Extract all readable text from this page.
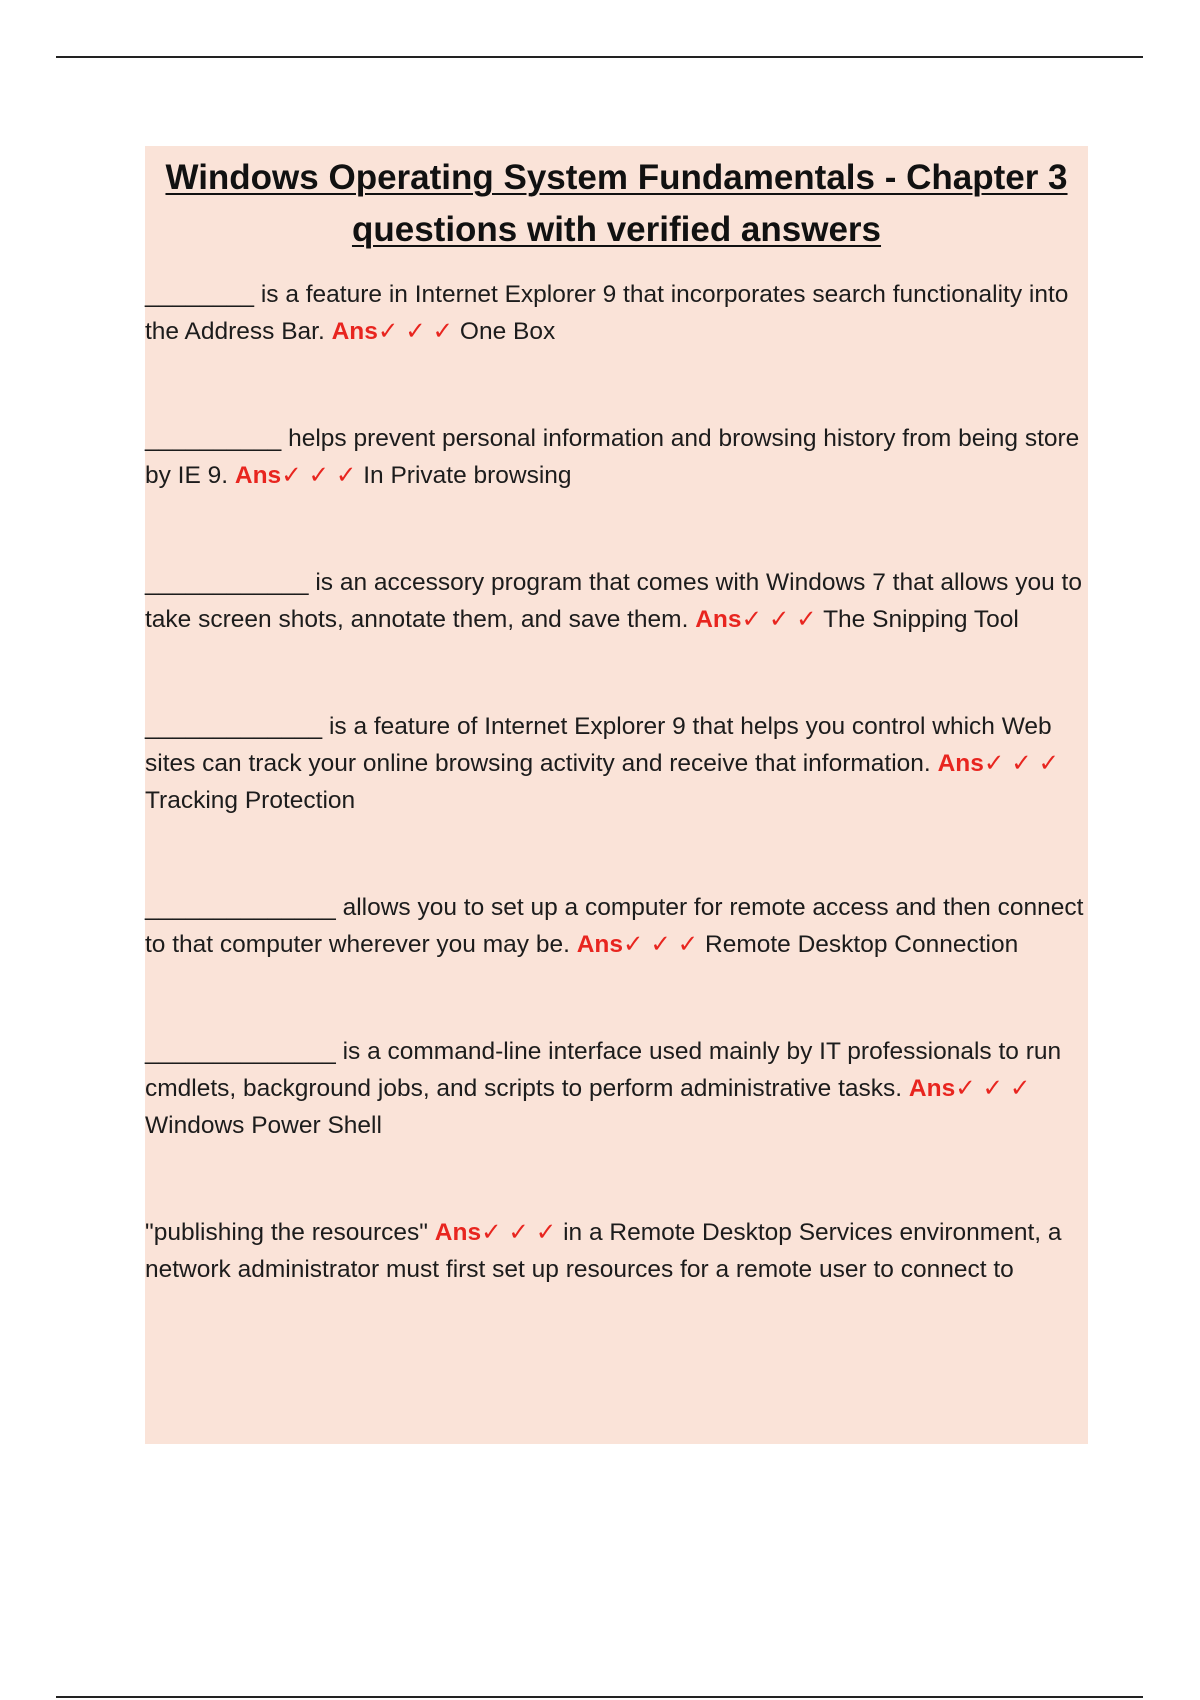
Windows Operating System Fundamentals - Chapter 3 questions with verified answers
________ is a feature in Internet Explorer 9 that incorporates search functionality into the Address Bar. Ans✓ ✓ ✓ One Box
__________ helps prevent personal information and browsing history from being store by IE 9. Ans✓ ✓ ✓ In Private browsing
____________ is an accessory program that comes with Windows 7 that allows you to take screen shots, annotate them, and save them. Ans✓ ✓ ✓ The Snipping Tool
_____________ is a feature of Internet Explorer 9 that helps you control which Web sites can track your online browsing activity and receive that information. Ans✓ ✓ ✓ Tracking Protection
______________ allows you to set up a computer for remote access and then connect to that computer wherever you may be. Ans✓ ✓ ✓ Remote Desktop Connection
______________ is a command-line interface used mainly by IT professionals to run cmdlets, background jobs, and scripts to perform administrative tasks. Ans✓ ✓ ✓ Windows Power Shell
"publishing the resources" Ans✓ ✓ ✓ in a Remote Desktop Services environment, a network administrator must first set up resources for a remote user to connect to
